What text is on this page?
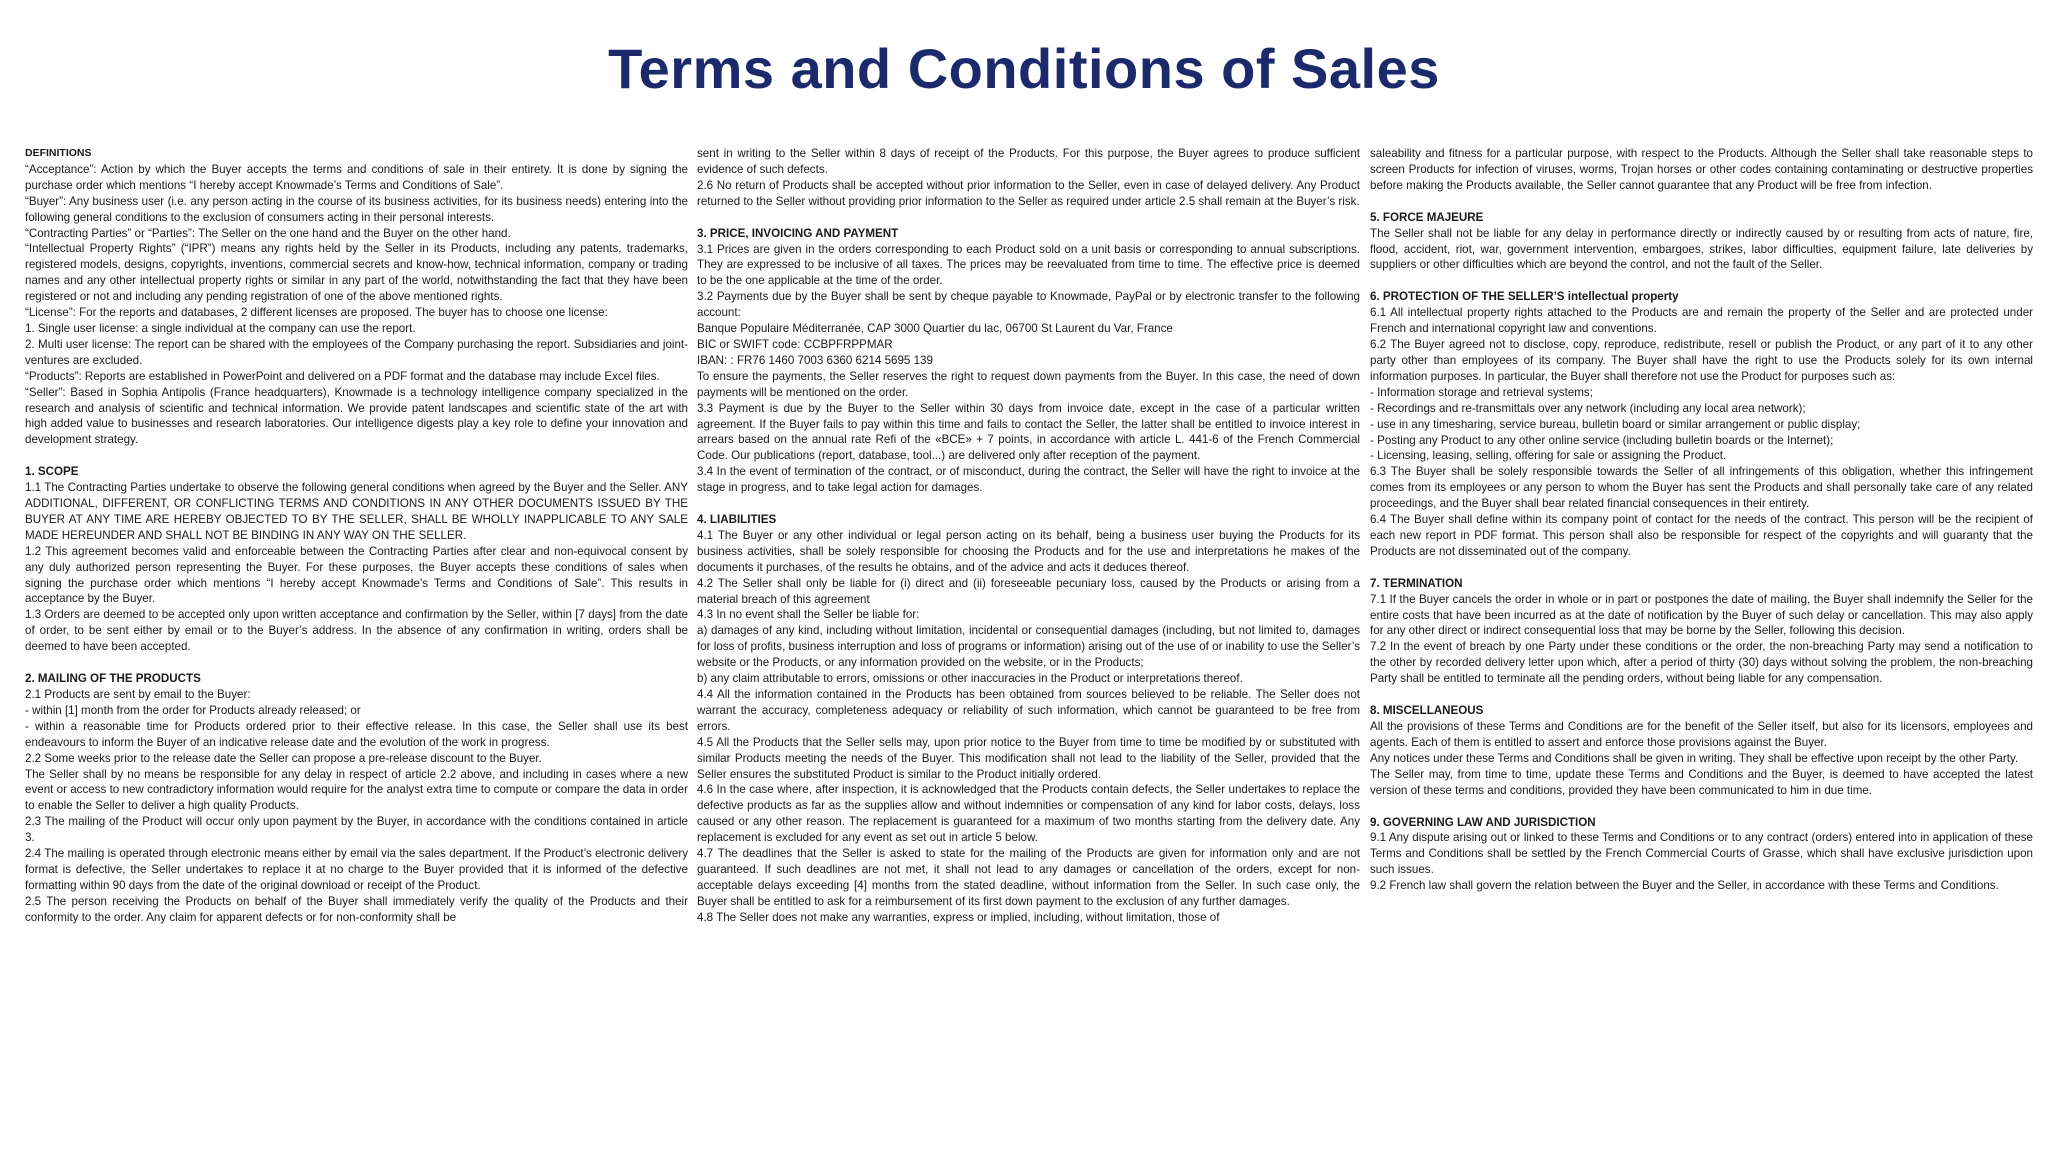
Terms and Conditions of Sales
DEFINITIONS
“Acceptance”: Action by which the Buyer accepts the terms and conditions of sale in their entirety. It is done by signing the purchase order which mentions “I hereby accept Knowmade’s Terms and Conditions of Sale”.
“Buyer”: Any business user (i.e. any person acting in the course of its business activities, for its business needs) entering into the following general conditions to the exclusion of consumers acting in their personal interests.
“Contracting Parties” or “Parties”: The Seller on the one hand and the Buyer on the other hand.
“Intellectual Property Rights” (“IPR”) means any rights held by the Seller in its Products, including any patents, trademarks, registered models, designs, copyrights, inventions, commercial secrets and know-how, technical information, company or trading names and any other intellectual property rights or similar in any part of the world, notwithstanding the fact that they have been registered or not and including any pending registration of one of the above mentioned rights.
“License”: For the reports and databases, 2 different licenses are proposed. The buyer has to choose one license:
1. Single user license: a single individual at the company can use the report.
2. Multi user license: The report can be shared with the employees of the Company purchasing the report. Subsidiaries and joint-ventures are excluded.
“Products”: Reports are established in PowerPoint and delivered on a PDF format and the database may include Excel files.
“Seller”: Based in Sophia Antipolis (France headquarters), Knowmade is a technology intelligence company specialized in the research and analysis of scientific and technical information. We provide patent landscapes and scientific state of the art with high added value to businesses and research laboratories. Our intelligence digests play a key role to define your innovation and development strategy.
1. SCOPE
1.1 The Contracting Parties undertake to observe the following general conditions when agreed by the Buyer and the Seller. ANY ADDITIONAL, DIFFERENT, OR CONFLICTING TERMS AND CONDITIONS IN ANY OTHER DOCUMENTS ISSUED BY THE BUYER AT ANY TIME ARE HEREBY OBJECTED TO BY THE SELLER, SHALL BE WHOLLY INAPPLICABLE TO ANY SALE MADE HEREUNDER AND SHALL NOT BE BINDING IN ANY WAY ON THE SELLER.
1.2 This agreement becomes valid and enforceable between the Contracting Parties after clear and non-equivocal consent by any duly authorized person representing the Buyer. For these purposes, the Buyer accepts these conditions of sales when signing the purchase order which mentions “I hereby accept Knowmade’s Terms and Conditions of Sale”. This results in acceptance by the Buyer.
1.3 Orders are deemed to be accepted only upon written acceptance and confirmation by the Seller, within [7 days] from the date of order, to be sent either by email or to the Buyer’s address. In the absence of any confirmation in writing, orders shall be deemed to have been accepted.
2. MAILING OF THE PRODUCTS
2.1 Products are sent by email to the Buyer:
- within [1] month from the order for Products already released; or
- within a reasonable time for Products ordered prior to their effective release. In this case, the Seller shall use its best endeavours to inform the Buyer of an indicative release date and the evolution of the work in progress.
2.2 Some weeks prior to the release date the Seller can propose a pre-release discount to the Buyer.
The Seller shall by no means be responsible for any delay in respect of article 2.2 above, and including in cases where a new event or access to new contradictory information would require for the analyst extra time to compute or compare the data in order to enable the Seller to deliver a high quality Products.
2.3 The mailing of the Product will occur only upon payment by the Buyer, in accordance with the conditions contained in article 3.
2.4 The mailing is operated through electronic means either by email via the sales department. If the Product’s electronic delivery format is defective, the Seller undertakes to replace it at no charge to the Buyer provided that it is informed of the defective formatting within 90 days from the date of the original download or receipt of the Product.
2.5 The person receiving the Products on behalf of the Buyer shall immediately verify the quality of the Products and their conformity to the order. Any claim for apparent defects or for non-conformity shall be
sent in writing to the Seller within 8 days of receipt of the Products. For this purpose, the Buyer agrees to produce sufficient evidence of such defects.
2.6 No return of Products shall be accepted without prior information to the Seller, even in case of delayed delivery. Any Product returned to the Seller without providing prior information to the Seller as required under article 2.5 shall remain at the Buyer’s risk.
3. PRICE, INVOICING AND PAYMENT
3.1 Prices are given in the orders corresponding to each Product sold on a unit basis or corresponding to annual subscriptions. They are expressed to be inclusive of all taxes. The prices may be reevaluated from time to time. The effective price is deemed to be the one applicable at the time of the order.
3.2 Payments due by the Buyer shall be sent by cheque payable to Knowmade, PayPal or by electronic transfer to the following account:
Banque Populaire Méditerranée, CAP 3000 Quartier du lac, 06700 St Laurent du Var, France
BIC or SWIFT code: CCBPFRPPMAR
IBAN: : FR76 1460 7003 6360 6214 5695 139
To ensure the payments, the Seller reserves the right to request down payments from the Buyer. In this case, the need of down payments will be mentioned on the order.
3.3 Payment is due by the Buyer to the Seller within 30 days from invoice date, except in the case of a particular written agreement. If the Buyer fails to pay within this time and fails to contact the Seller, the latter shall be entitled to invoice interest in arrears based on the annual rate Refi of the «BCE» + 7 points, in accordance with article L. 441-6 of the French Commercial Code. Our publications (report, database, tool...) are delivered only after reception of the payment.
3.4 In the event of termination of the contract, or of misconduct, during the contract, the Seller will have the right to invoice at the stage in progress, and to take legal action for damages.
4. LIABILITIES
4.1 The Buyer or any other individual or legal person acting on its behalf, being a business user buying the Products for its business activities, shall be solely responsible for choosing the Products and for the use and interpretations he makes of the documents it purchases, of the results he obtains, and of the advice and acts it deduces thereof.
4.2 The Seller shall only be liable for (i) direct and (ii) foreseeable pecuniary loss, caused by the Products or arising from a material breach of this agreement
4.3 In no event shall the Seller be liable for:
a) damages of any kind, including without limitation, incidental or consequential damages (including, but not limited to, damages for loss of profits, business interruption and loss of programs or information) arising out of the use of or inability to use the Seller’s website or the Products, or any information provided on the website, or in the Products;
b) any claim attributable to errors, omissions or other inaccuracies in the Product or interpretations thereof.
4.4 All the information contained in the Products has been obtained from sources believed to be reliable. The Seller does not warrant the accuracy, completeness adequacy or reliability of such information, which cannot be guaranteed to be free from errors.
4.5 All the Products that the Seller sells may, upon prior notice to the Buyer from time to time be modified by or substituted with similar Products meeting the needs of the Buyer. This modification shall not lead to the liability of the Seller, provided that the Seller ensures the substituted Product is similar to the Product initially ordered.
4.6 In the case where, after inspection, it is acknowledged that the Products contain defects, the Seller undertakes to replace the defective products as far as the supplies allow and without indemnities or compensation of any kind for labor costs, delays, loss caused or any other reason. The replacement is guaranteed for a maximum of two months starting from the delivery date. Any replacement is excluded for any event as set out in article 5 below.
4.7 The deadlines that the Seller is asked to state for the mailing of the Products are given for information only and are not guaranteed. If such deadlines are not met, it shall not lead to any damages or cancellation of the orders, except for non-acceptable delays exceeding [4] months from the stated deadline, without information from the Seller. In such case only, the Buyer shall be entitled to ask for a reimbursement of its first down payment to the exclusion of any further damages.
4.8 The Seller does not make any warranties, express or implied, including, without limitation, those of
saleability and fitness for a particular purpose, with respect to the Products. Although the Seller shall take reasonable steps to screen Products for infection of viruses, worms, Trojan horses or other codes containing contaminating or destructive properties before making the Products available, the Seller cannot guarantee that any Product will be free from infection.
5. FORCE MAJEURE
The Seller shall not be liable for any delay in performance directly or indirectly caused by or resulting from acts of nature, fire, flood, accident, riot, war, government intervention, embargoes, strikes, labor difficulties, equipment failure, late deliveries by suppliers or other difficulties which are beyond the control, and not the fault of the Seller.
6. PROTECTION OF THE SELLER’S intellectual property
6.1 All intellectual property rights attached to the Products are and remain the property of the Seller and are protected under French and international copyright law and conventions.
6.2 The Buyer agreed not to disclose, copy, reproduce, redistribute, resell or publish the Product, or any part of it to any other party other than employees of its company. The Buyer shall have the right to use the Products solely for its own internal information purposes. In particular, the Buyer shall therefore not use the Product for purposes such as:
- Information storage and retrieval systems;
- Recordings and re-transmittals over any network (including any local area network);
- use in any timesharing, service bureau, bulletin board or similar arrangement or public display;
- Posting any Product to any other online service (including bulletin boards or the Internet);
- Licensing, leasing, selling, offering for sale or assigning the Product.
6.3 The Buyer shall be solely responsible towards the Seller of all infringements of this obligation, whether this infringement comes from its employees or any person to whom the Buyer has sent the Products and shall personally take care of any related proceedings, and the Buyer shall bear related financial consequences in their entirety.
6.4 The Buyer shall define within its company point of contact for the needs of the contract. This person will be the recipient of each new report in PDF format. This person shall also be responsible for respect of the copyrights and will guaranty that the Products are not disseminated out of the company.
7. TERMINATION
7.1 If the Buyer cancels the order in whole or in part or postpones the date of mailing, the Buyer shall indemnify the Seller for the entire costs that have been incurred as at the date of notification by the Buyer of such delay or cancellation. This may also apply for any other direct or indirect consequential loss that may be borne by the Seller, following this decision.
7.2 In the event of breach by one Party under these conditions or the order, the non-breaching Party may send a notification to the other by recorded delivery letter upon which, after a period of thirty (30) days without solving the problem, the non-breaching Party shall be entitled to terminate all the pending orders, without being liable for any compensation.
8. MISCELLANEOUS
All the provisions of these Terms and Conditions are for the benefit of the Seller itself, but also for its licensors, employees and agents. Each of them is entitled to assert and enforce those provisions against the Buyer.
Any notices under these Terms and Conditions shall be given in writing. They shall be effective upon receipt by the other Party.
The Seller may, from time to time, update these Terms and Conditions and the Buyer, is deemed to have accepted the latest version of these terms and conditions, provided they have been communicated to him in due time.
9. GOVERNING LAW AND JURISDICTION
9.1 Any dispute arising out or linked to these Terms and Conditions or to any contract (orders) entered into in application of these Terms and Conditions shall be settled by the French Commercial Courts of Grasse, which shall have exclusive jurisdiction upon such issues.
9.2 French law shall govern the relation between the Buyer and the Seller, in accordance with these Terms and Conditions.
